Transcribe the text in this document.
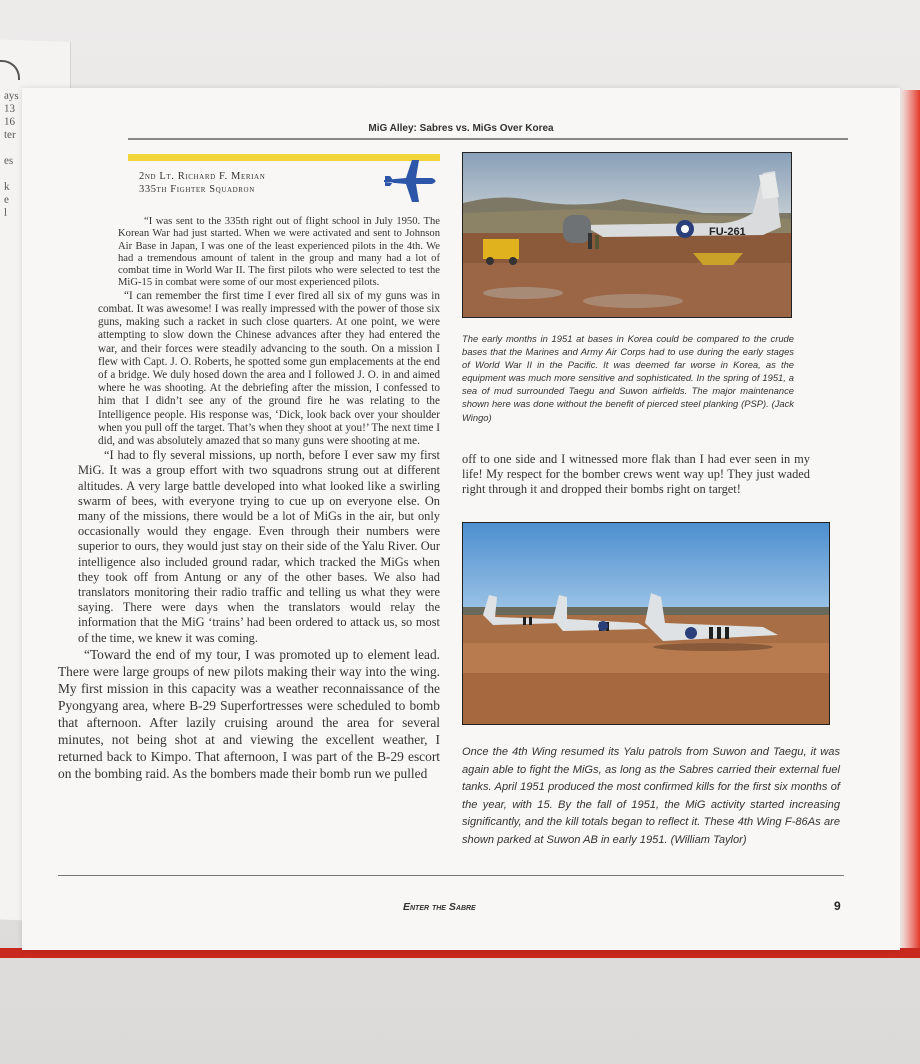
ays
13
16
ter
es
k
e
l
MiG Alley: Sabres vs. MiGs Over Korea
2nd Lt. Richard F. Merian
335th Fighter Squadron

“I was sent to the 335th right out of flight school in July 1950. The Korean War had just started. When we were activated and sent to Johnson Air Base in Japan, I was one of the least experienced pilots in the 4th. We had a tremendous amount of talent in the group and many had a lot of combat time in World War II. The first pilots who were selected to test the MiG-15 in combat were some of our most experienced pilots.

“I can remember the first time I ever fired all six of my guns was in combat. It was awesome! I was really impressed with the power of those six guns, making such a racket in such close quarters. At one point, we were attempting to slow down the Chinese advances after they had entered the war, and their forces were steadily advancing to the south. On a mission I flew with Capt. J. O. Roberts, he spotted some gun emplacements at the end of a bridge. We duly hosed down the area and I followed J. O. in and aimed where he was shooting. At the debriefing after the mission, I confessed to him that I didn’t see any of the ground fire he was relating to the Intelligence people. His response was, ‘Dick, look back over your shoulder when you pull off the target. That’s when they shoot at you!’ The next time I did, and was absolutely amazed that so many guns were shooting at me.

“I had to fly several missions, up north, before I ever saw my first MiG. It was a group effort with two squadrons strung out at different altitudes. A very large battle developed into what looked like a swirling swarm of bees, with everyone trying to cue up on everyone else. On many of the missions, there would be a lot of MiGs in the air, but only occasionally would they engage. Even through their numbers were superior to ours, they would just stay on their side of the Yalu River. Our intelligence also included ground radar, which tracked the MiGs when they took off from Antung or any of the other bases. We also had translators monitoring their radio traffic and telling us what they were saying. There were days when the translators would relay the information that the MiG ‘trains’ had been ordered to attack us, so most of the time, we knew it was coming.

“Toward the end of my tour, I was promoted up to element lead. There were large groups of new pilots making their way into the wing. My first mission in this capacity was a weather reconnaissance of the Pyongyang area, where B-29 Superfortresses were scheduled to bomb that afternoon. After lazily cruising around the area for several minutes, not being shot at and viewing the excellent weather, I returned back to Kimpo. That afternoon, I was part of the B-29 escort on the bombing raid. As the bombers made their bomb run we pulled

FU-261
The early months in 1951 at bases in Korea could be compared to the crude bases that the Marines and Army Air Corps had to use during the early stages of World War II in the Pacific. It was deemed far worse in Korea, as the equipment was much more sensitive and sophisticated. In the spring of 1951, a sea of mud surrounded Taegu and Suwon airfields. The major maintenance shown here was done without the benefit of pierced steel planking (PSP). (Jack Wingo)
off to one side and I witnessed more flak than I had ever seen in my life! My respect for the bomber crews went way up! They just waded right through it and dropped their bombs right on target!
Once the 4th Wing resumed its Yalu patrols from Suwon and Taegu, it was again able to fight the MiGs, as long as the Sabres carried their external fuel tanks. April 1951 produced the most confirmed kills for the first six months of the year, with 15. By the fall of 1951, the MiG activity started increasing significantly, and the kill totals began to reflect it. These 4th Wing F-86As are shown parked at Suwon AB in early 1951. (William Taylor)
Enter the Sabre	9
